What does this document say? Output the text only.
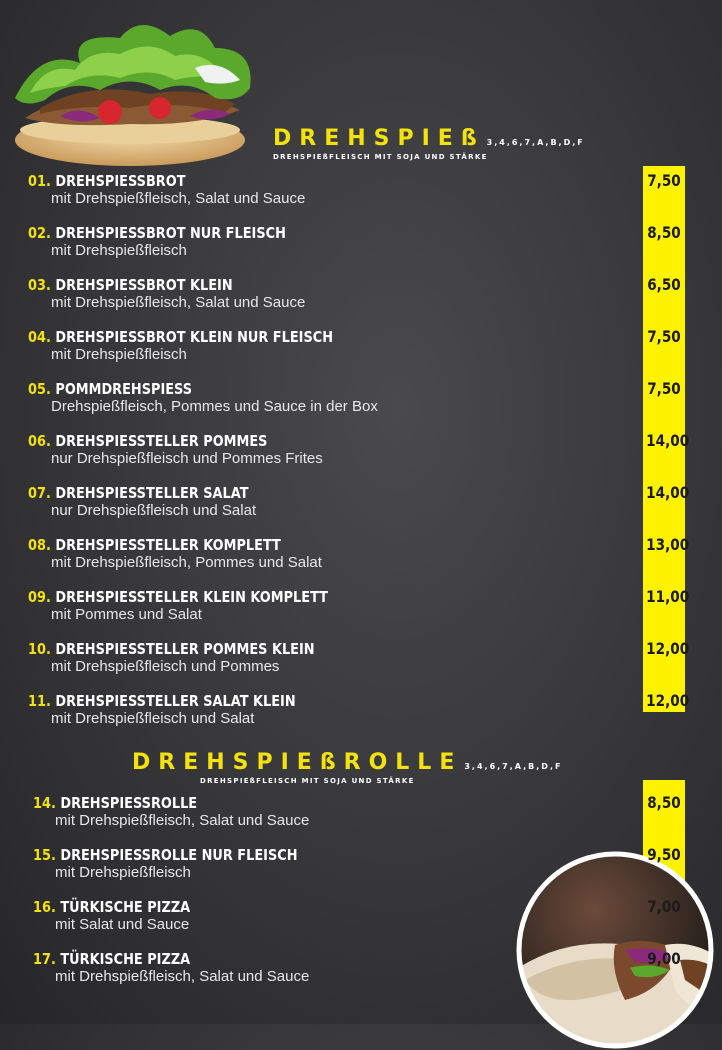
DREHSPIEß 3,4,6,7,A,B,D,F
DREHSPIEßFLEISCH MIT SOJA UND STÄRKE
01. DREHSPIESSBROT
mit Drehspießfleisch, Salat und Sauce
7,50
02. DREHSPIESSBROT NUR FLEISCH
mit Drehspießfleisch
8,50
03. DREHSPIESSBROT KLEIN
mit Drehspießfleisch, Salat und Sauce
6,50
04. DREHSPIESSBROT KLEIN NUR FLEISCH
mit Drehspießfleisch
7,50
05. POMMDREHSPIESS
Drehspießfleisch, Pommes und Sauce in der Box
7,50
06. DREHSPIESSTELLER POMMES
nur Drehspießfleisch und Pommes Frites
14,00
07. DREHSPIESSTELLER SALAT
nur Drehspießfleisch und Salat
14,00
08. DREHSPIESSTELLER KOMPLETT
mit Drehspießfleisch, Pommes und Salat
13,00
09. DREHSPIESSTELLER KLEIN KOMPLETT
mit Pommes und Salat
11,00
10. DREHSPIESSTELLER POMMES KLEIN
mit Drehspießfleisch und Pommes
12,00
11. DREHSPIESSTELLER SALAT KLEIN
mit Drehspießfleisch und Salat
12,00
DREHSPIEßROLLE 3,4,6,7,A,B,D,F
DREHSPIEßFLEISCH MIT SOJA UND STÄRKE
14. DREHSPIESSROLLE
mit Drehspießfleisch, Salat und Sauce
8,50
15. DREHSPIESSROLLE NUR FLEISCH
mit Drehspießfleisch
9,50
16. TÜRKISCHE PIZZA
mit Salat und Sauce
7,00
17. TÜRKISCHE PIZZA
mit Drehspießfleisch, Salat und Sauce
9,00
